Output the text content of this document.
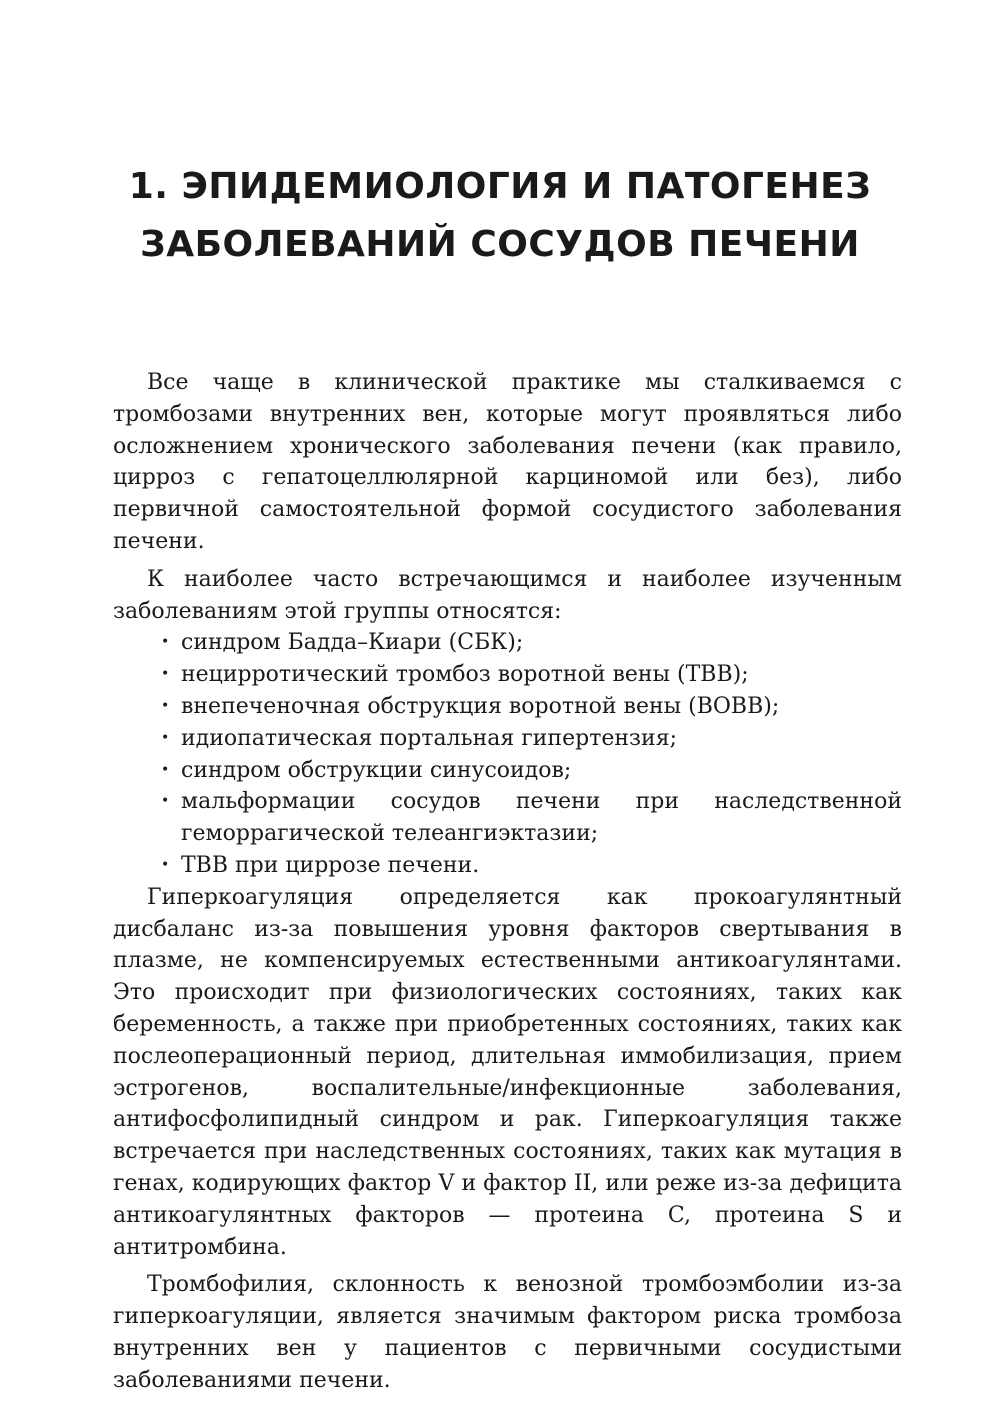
1. ЭПИДЕМИОЛОГИЯ И ПАТОГЕНЕЗ
ЗАБОЛЕВАНИЙ СОСУДОВ ПЕЧЕНИ

Все чаще в клинической практике мы сталкиваемся с тромбозами внутренних вен, которые могут проявляться либо осложнением хронического заболевания печени (как правило, цирроз с гепатоцеллюлярной карциномой или без), либо первичной самостоятельной формой сосудистого заболевания печени.

К наиболее часто встречающимся и наиболее изученным заболеваниям этой группы относятся:

• синдром Бадда–Киари (СБК);
• нецирротический тромбоз воротной вены (ТВВ);
• внепеченочная обструкция воротной вены (ВОВВ);
• идиопатическая портальная гипертензия;
• синдром обструкции синусоидов;
• мальформации сосудов печени при наследственной геморрагической телеангиэктазии;
• ТВВ при циррозе печени.

Гиперкоагуляция определяется как прокоагулянтный дисбаланс из-за повышения уровня факторов свертывания в плазме, не компенсируемых естественными антикоагулянтами. Это происходит при физиологических состояниях, таких как беременность, а также при приобретенных состояниях, таких как послеоперационный период, длительная иммобилизация, прием эстрогенов, воспалительные/инфекционные заболевания, антифосфолипидный синдром и рак. Гиперкоагуляция также встречается при наследственных состояниях, таких как мутация в генах, кодирующих фактор V и фактор II, или реже из-за дефицита антикоагулянтных факторов — протеина C, протеина S и антитромбина.

Тромбофилия, склонность к венозной тромбоэмболии из-за гиперкоагуляции, является значимым фактором риска тромбоза внутренних вен у пациентов с первичными сосудистыми заболеваниями печени.
